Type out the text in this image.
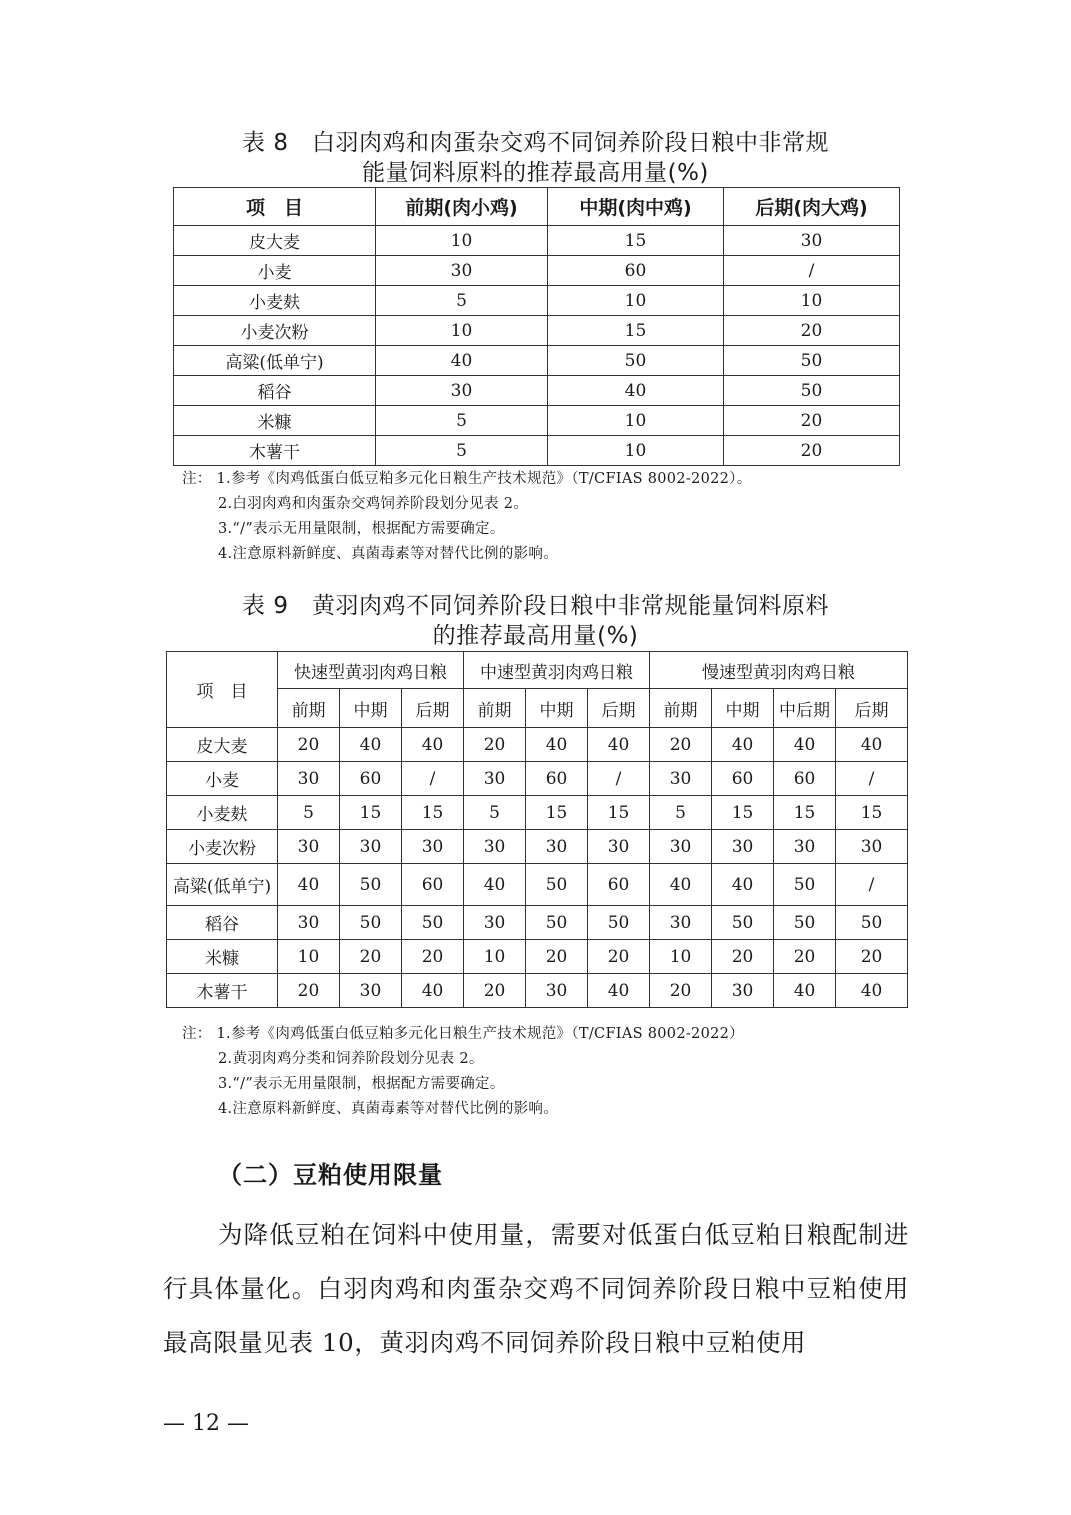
表 8　白羽肉鸡和肉蛋杂交鸡不同饲养阶段日粮中非常规
能量饲料原料的推荐最高用量(%)
项　目	前期(肉小鸡)	中期(肉中鸡)	后期(肉大鸡)
皮大麦	10	15	30
小麦	30	60	/
小麦麸	5	10	10
小麦次粉	10	15	20
高粱(低单宁)	40	50	50
稻谷	30	40	50
米糠	5	10	20
木薯干	5	10	20
注： 1.参考《肉鸡低蛋白低豆粕多元化日粮生产技术规范》（T/CFIAS 8002-2022）。
2.白羽肉鸡和肉蛋杂交鸡饲养阶段划分见表 2。
3.“/”表示无用量限制，根据配方需要确定。
4.注意原料新鲜度、真菌毒素等对替代比例的影响。
表 9　黄羽肉鸡不同饲养阶段日粮中非常规能量饲料原料
的推荐最高用量(%)
项　目	快速型黄羽肉鸡日粮			中速型黄羽肉鸡日粮			慢速型黄羽肉鸡日粮			
	前期	中期	后期	前期	中期	后期	前期	中期	中后期	后期
皮大麦	20	40	40	20	40	40	20	40	40	40
小麦	30	60	/	30	60	/	30	60	60	/
小麦麸	5	15	15	5	15	15	5	15	15	15
小麦次粉	30	30	30	30	30	30	30	30	30	30
高粱(低单宁)	40	50	60	40	50	60	40	40	50	/
稻谷	30	50	50	30	50	50	30	50	50	50
米糠	10	20	20	10	20	20	10	20	20	20
木薯干	20	30	40	20	30	40	20	30	40	40
注： 1.参考《肉鸡低蛋白低豆粕多元化日粮生产技术规范》（T/CFIAS 8002-2022）
2.黄羽肉鸡分类和饲养阶段划分见表 2。
3.“/”表示无用量限制，根据配方需要确定。
4.注意原料新鲜度、真菌毒素等对替代比例的影响。
（二）豆粕使用限量
为降低豆粕在饲料中使用量，需要对低蛋白低豆粕日粮配制进行具体量化。白羽肉鸡和肉蛋杂交鸡不同饲养阶段日粮中豆粕使用最高限量见表 10，黄羽肉鸡不同饲养阶段日粮中豆粕使用
— 12 —
